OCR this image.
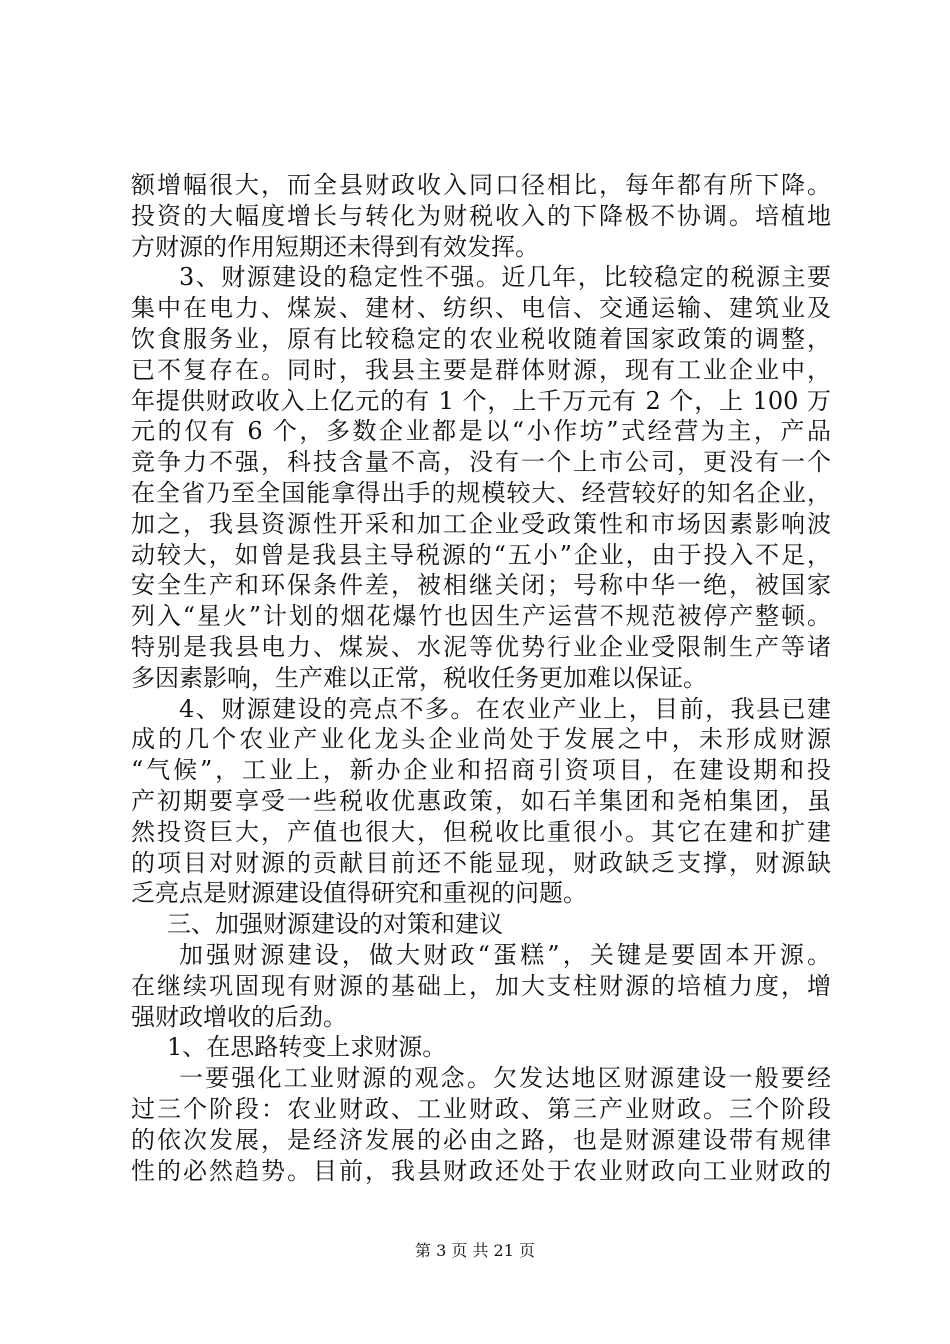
额增幅很大，而全县财政收入同口径相比，每年都有所下降。
投资的大幅度增长与转化为财税收入的下降极不协调。培植地
方财源的作用短期还未得到有效发挥。
3、财源建设的稳定性不强。近几年，比较稳定的税源主要
集中在电力、煤炭、建材、纺织、电信、交通运输、建筑业及
饮食服务业，原有比较稳定的农业税收随着国家政策的调整，
已不复存在。同时，我县主要是群体财源，现有工业企业中，
年提供财政收入上亿元的有 1 个，上千万元有 2 个，上 100 万
元的仅有 6 个，多数企业都是以“小作坊”式经营为主，产品
竞争力不强，科技含量不高，没有一个上市公司，更没有一个
在全省乃至全国能拿得出手的规模较大、经营较好的知名企业，
加之，我县资源性开采和加工企业受政策性和市场因素影响波
动较大，如曾是我县主导税源的“五小”企业，由于投入不足，
安全生产和环保条件差，被相继关闭；号称中华一绝，被国家
列入“星火”计划的烟花爆竹也因生产运营不规范被停产整顿。
特别是我县电力、煤炭、水泥等优势行业企业受限制生产等诸
多因素影响，生产难以正常，税收任务更加难以保证。
4、财源建设的亮点不多。在农业产业上，目前，我县已建
成的几个农业产业化龙头企业尚处于发展之中，未形成财源
“气候”，工业上，新办企业和招商引资项目，在建设期和投
产初期要享受一些税收优惠政策，如石羊集团和尧柏集团，虽
然投资巨大，产值也很大，但税收比重很小。其它在建和扩建
的项目对财源的贡献目前还不能显现，财政缺乏支撑，财源缺
乏亮点是财源建设值得研究和重视的问题。
三、加强财源建设的对策和建议
加强财源建设，做大财政“蛋糕”，关键是要固本开源。
在继续巩固现有财源的基础上，加大支柱财源的培植力度，增
强财政增收的后劲。
1、在思路转变上求财源。
一要强化工业财源的观念。欠发达地区财源建设一般要经
过三个阶段：农业财政、工业财政、第三产业财政。三个阶段
的依次发展，是经济发展的必由之路，也是财源建设带有规律
性的必然趋势。目前，我县财政还处于农业财政向工业财政的
第 3 页 共 21 页
